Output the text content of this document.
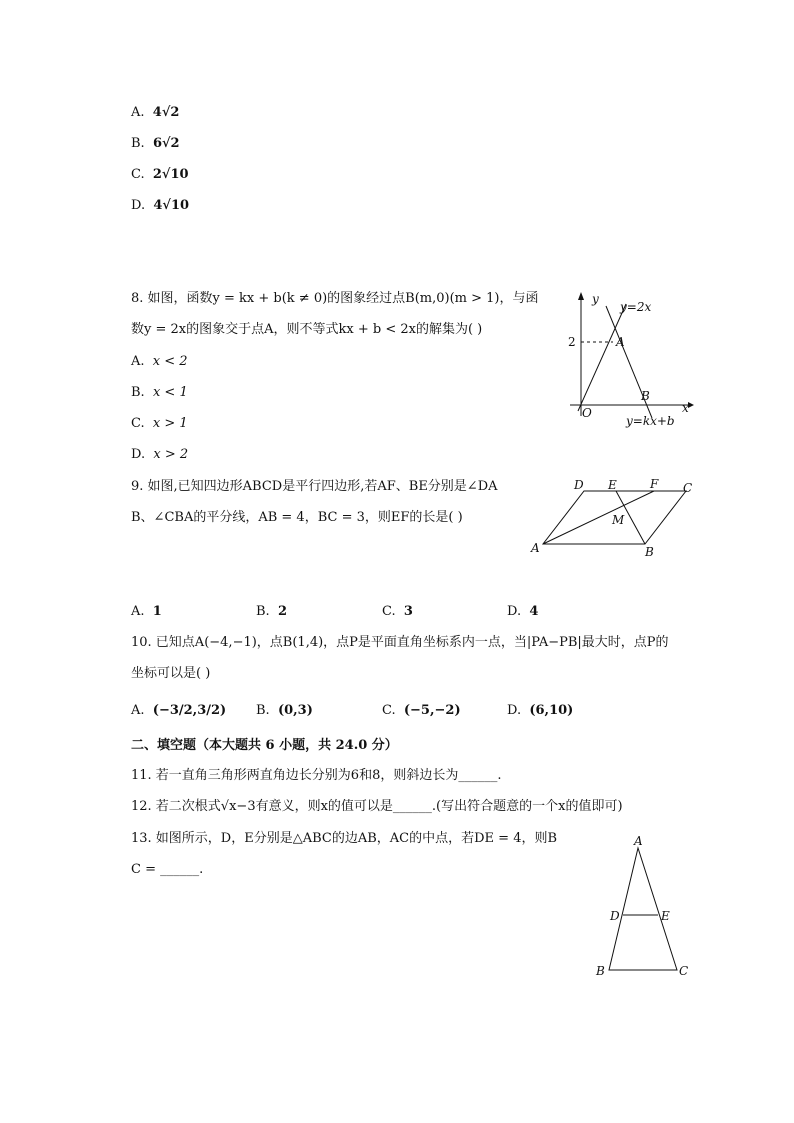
A. 4√2
B. 6√2
C. 2√10
D. 4√10
8. 如图，函数y = kx + b(k ≠ 0)的图象经过点B(m,0)(m > 1)，与函
数y = 2x的图象交于点A，则不等式kx + b < 2x的解集为( )
A. x < 2
B. x < 1
C. x > 1
D. x > 2
y
x
O
y=2x
y=kx+b
2	A
B
9. 如图,已知四边形ABCD是平行四边形,若AF、BE分别是∠DA
B、∠CBA的平分线，AB = 4，BC = 3，则EF的长是( )
A	B
C
D E	F
M
A. 1	B. 2	C. 3	D. 4
10. 已知点A(−4,−1)，点B(1,4)，点P是平面直角坐标系内一点，当|PA−PB|最大时，点P的
坐标可以是( )
A. (−3/2,3/2) B. (0,3)	C. (−5,−2)	D. (6,10)
二、填空题（本大题共 6 小题，共 24.0 分）
11. 若一直角三角形两直角边长分别为6和8，则斜边长为______.
12. 若二次根式√x−3有意义，则x的值可以是______.(写出符合题意的一个x的值即可)
13. 如图所示，D，E分别是△ABC的边AB，AC的中点，若DE = 4，则B
C = ______.
A
B	C
D	E
